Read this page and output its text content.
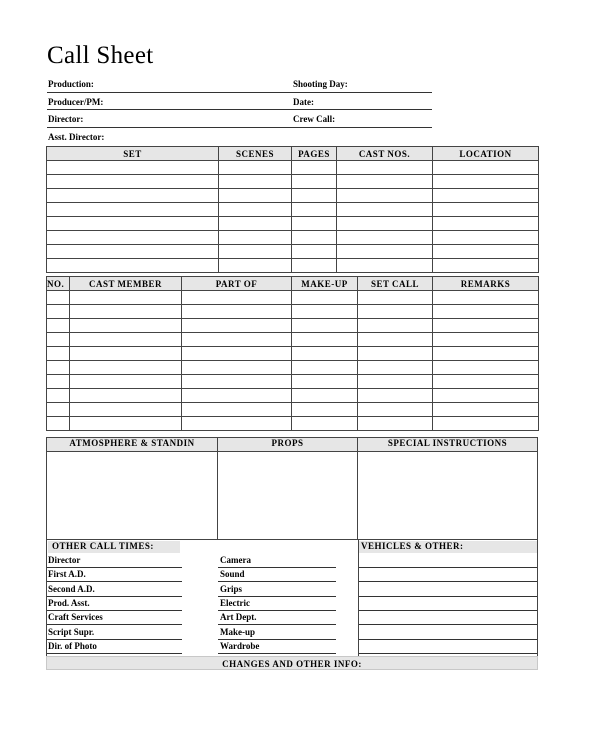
Call Sheet
Production:
Producer/PM:
Director:
Asst. Director:
Shooting Day:
Date:
Crew Call:
SET	SCENES	PAGES	CAST NOS.	LOCATION

NO.	CAST MEMBER	PART OF	MAKE-UP	SET CALL	REMARKS

ATMOSPHERE & STANDIN	PROPS	SPECIAL INSTRUCTIONS
OTHER CALL TIMES:	VEHICLES & OTHER:
Director
First A.D.
Second A.D.
Prod. Asst.
Craft Services
Script Supr.
Dir. of Photo
Camera
Sound
Grips
Electric
Art Dept.
Make-up
Wardrobe
CHANGES AND OTHER INFO:
